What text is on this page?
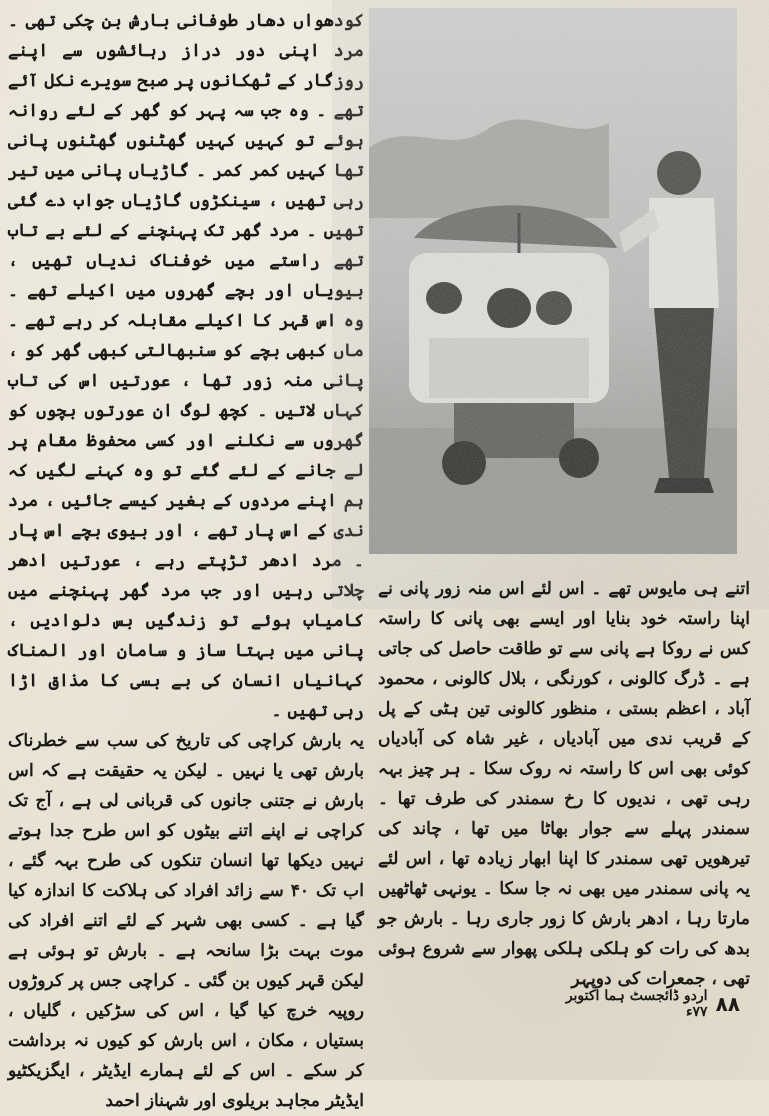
کودھواں دھار طوفانی بارش بن چکی تھی ۔ مرد اپنی دور دراز رہائشوں سے اپنے روزگار کے ٹھکانوں پر صبح سویرے نکل آئے تھے ۔ وہ جب سہ پہر کو گھر کے لئے روانہ ہوئے تو کہیں کہیں گھٹنوں گھٹنوں پانی تھا کہیں کمر کمر ۔ گاڑیاں پانی میں تیر رہی تھیں ، سینکڑوں گاڑیاں جواب دے گئی تھیں ۔ مرد گھر تک پہنچنے کے لئے بے تاب تھے راستے میں خوفناک ندیاں تھیں ، بیویاں اور بچے گھروں میں اکیلے تھے ۔ وہ اس قہر کا اکیلے مقابلہ کر رہے تھے ۔ ماں کبھی بچے کو سنبھالتی کبھی گھر کو ، پانی منہ زور تھا ، عورتیں اس کی تاب کہاں لاتیں ۔ کچھ لوگ ان عورتوں بچوں کو گھروں سے نکلنے اور کسی محفوظ مقام پر لے جانے کے لئے گئے تو وہ کہنے لگیں کہ ہم اپنے مردوں کے بغیر کیسے جائیں ، مرد ندی کے اس پار تھے ، اور بیوی بچے اس پار ۔ مرد ادھر تڑپتے رہے ، عورتیں ادھر چلاتی رہیں اور جب مرد گھر پہنچنے میں کامیاب ہوئے تو زندگیں بس دلوادیں ، پانی میں بہتا ساز و سامان اور المناک کہانیاں انسان کی بے بسی کا مذاق اڑا رہی تھیں ۔

یہ بارش کراچی کی تاریخ کی سب سے خطرناک بارش تھی یا نہیں ۔ لیکن یہ حقیقت ہے کہ اس بارش نے جتنی جانوں کی قربانی لی ہے ، آج تک کراچی نے اپنے اتنے بیٹوں کو اس طرح جدا ہوتے نہیں دیکھا تھا انسان تنکوں کی طرح بہہ گئے ، اب تک ۴۰ سے زائد افراد کی ہلاکت کا اندازہ کیا گیا ہے ۔ کسی بھی شہر کے لئے اتنے افراد کی موت بہت بڑا سانحہ ہے ۔ بارش تو ہوئی ہے لیکن قہر کیوں بن گئی ۔ کراچی جس پر کروڑوں روپیہ خرچ کیا گیا ، اس کی سڑکیں ، گلیاں ، بستیاں ، مکان ، اس بارش کو کیوں نہ برداشت کر سکے ۔ اس کے لئے ہمارے ایڈیٹر ، ایگزیکٹیو ایڈیٹر مجاہد بریلوی اور شہناز احمد

اتنے ہی مایوس تھے ۔ اس لئے اس منہ زور پانی نے اپنا راستہ خود بنایا اور ایسے بھی پانی کا راستہ کس نے روکا ہے پانی سے تو طاقت حاصل کی جاتی ہے ۔ ڈرگ کالونی ، کورنگی ، بلال کالونی ، محمود آباد ، اعظم بستی ، منظور کالونی تین ہٹی کے پل کے قریب ندی میں آبادیاں ، غیر شاہ کی آبادیاں کوئی بھی اس کا راستہ نہ روک سکا ۔ ہر چیز بہہ رہی تھی ، ندیوں کا رخ سمندر کی طرف تھا ۔ سمندر پہلے سے جوار بھاٹا میں تھا ، چاند کی تیرھویں تھی سمندر کا اپنا ابھار زیادہ تھا ، اس لئے یہ پانی سمندر میں بھی نہ جا سکا ۔ یونہی ٹھاٹھیں مارتا رہا ، ادھر بارش کا زور جاری رہا ۔ بارش جو بدھ کی رات کو ہلکی ہلکی پھوار سے شروع ہوئی تھی ، جمعرات کی دوپہر

۸۸
اردو ڈائجسٹ ہما اکتوبر ۷۷ء
